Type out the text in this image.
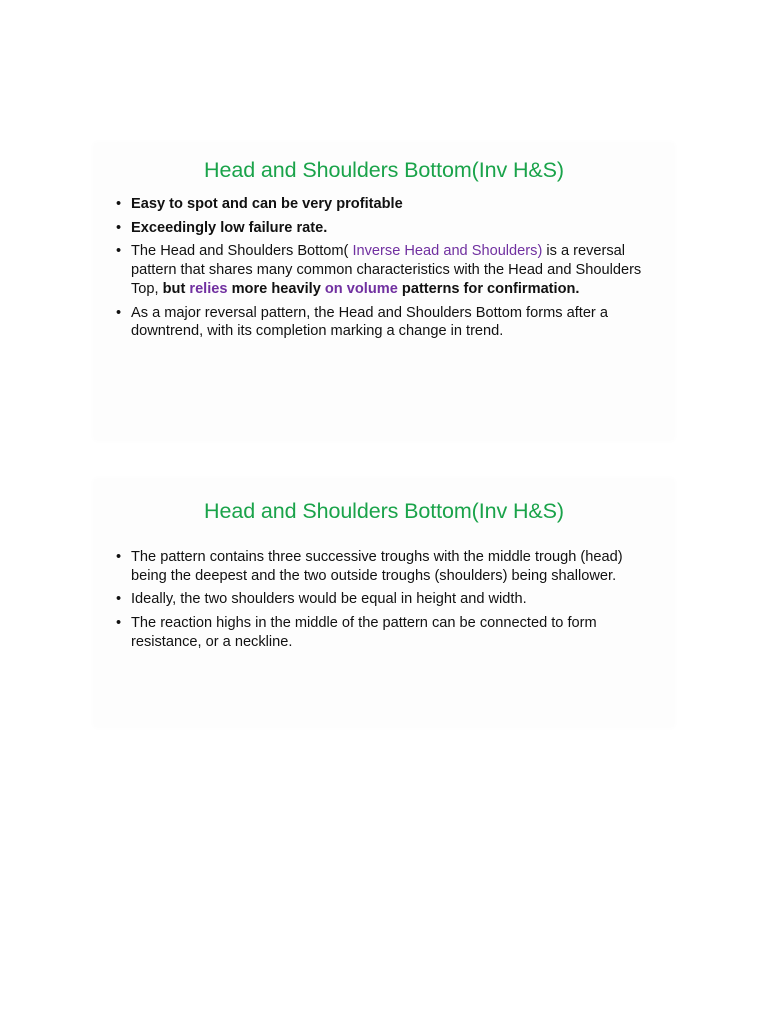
Head and Shoulders Bottom(Inv H&S)
• Easy to spot and can be very profitable
• Exceedingly low failure rate.
• The Head and Shoulders Bottom( Inverse Head and Shoulders) is a reversal pattern that shares many common characteristics with the Head and Shoulders Top, but relies more heavily on volume patterns for confirmation.
• As a major reversal pattern, the Head and Shoulders Bottom forms after a downtrend, with its completion marking a change in trend.
Head and Shoulders Bottom(Inv H&S)
• The pattern contains three successive troughs with the middle trough (head) being the deepest and the two outside troughs (shoulders) being shallower.
• Ideally, the two shoulders would be equal in height and width.
• The reaction highs in the middle of the pattern can be connected to form resistance, or a neckline.
